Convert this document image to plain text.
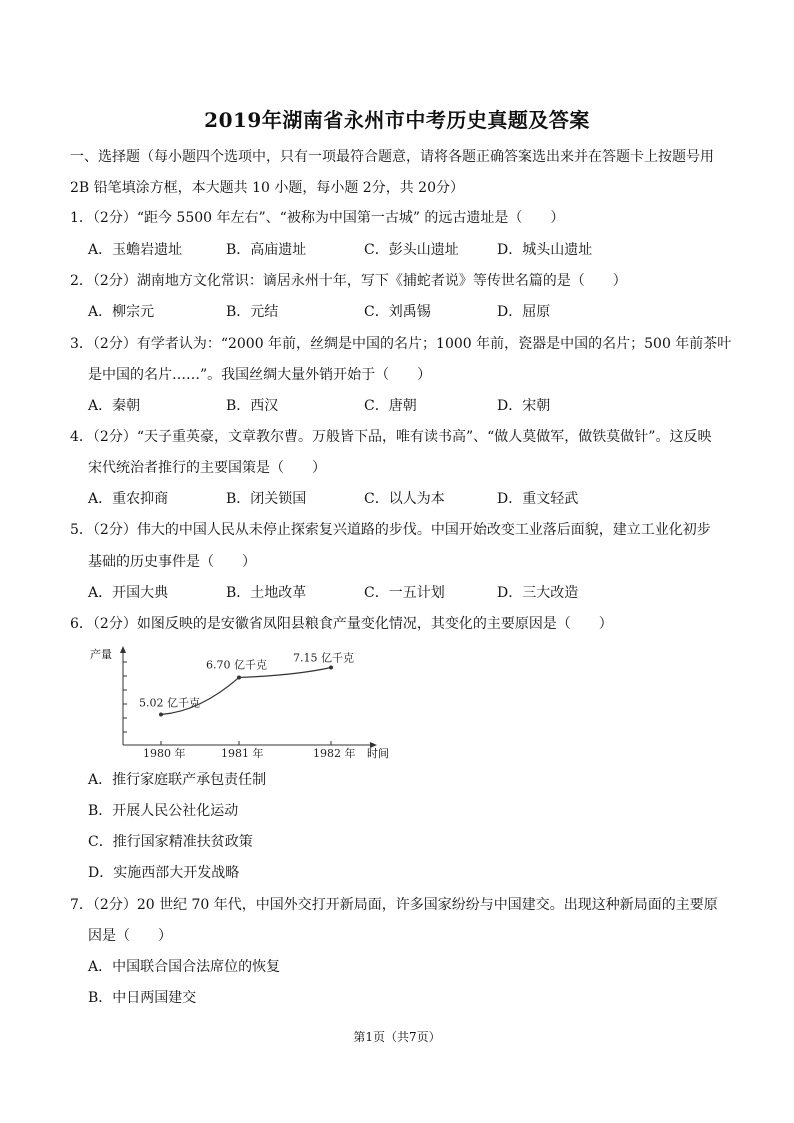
2019年湖南省永州市中考历史真题及答案
一、选择题（每小题四个选项中，只有一项最符合题意，请将各题正确答案选出来并在答题卡上按题号用
2B 铅笔填涂方框，本大题共 10 小题，每小题 2分，共 20分）
1．（2分）“距今 5500 年左右”、“被称为中国第一古城” 的远古遗址是（　　）
A．玉蟾岩遗址	B．高庙遗址	C．彭头山遗址	D．城头山遗址
2．（2分）湖南地方文化常识：谪居永州十年，写下《捕蛇者说》等传世名篇的是（　　）
A．柳宗元	B．元结	C．刘禹锡	D．屈原
3．（2分）有学者认为：“2000 年前，丝绸是中国的名片；1000 年前，瓷器是中国的名片；500 年前茶叶
是中国的名片……”。我国丝绸大量外销开始于（　　）
A．秦朝	B．西汉	C．唐朝	D．宋朝
4．（2分）“天子重英豪，文章教尔曹。万般皆下品，唯有读书高”、“做人莫做军，做铁莫做针”。这反映
宋代统治者推行的主要国策是（　　）
A．重农抑商	B．闭关锁国	C．以人为本	D．重文轻武
5．（2分）伟大的中国人民从未停止探索复兴道路的步伐。中国开始改变工业落后面貌，建立工业化初步
基础的历史事件是（　　）
A．开国大典	B．土地改革	C．一五计划	D．三大改造
6．（2分）如图反映的是安徽省凤阳县粮食产量变化情况，其变化的主要原因是（　　）
产量
时间
5.02 亿千克
1980 年
6.70 亿千克
1981 年
7.15 亿千克
1982 年
A．推行家庭联产承包责任制
B．开展人民公社化运动
C．推行国家精准扶贫政策
D．实施西部大开发战略
7．（2分）20 世纪 70 年代，中国外交打开新局面，许多国家纷纷与中国建交。出现这种新局面的主要原
因是（　　）
A．中国联合国合法席位的恢复
B．中日两国建交
第1页（共7页）
